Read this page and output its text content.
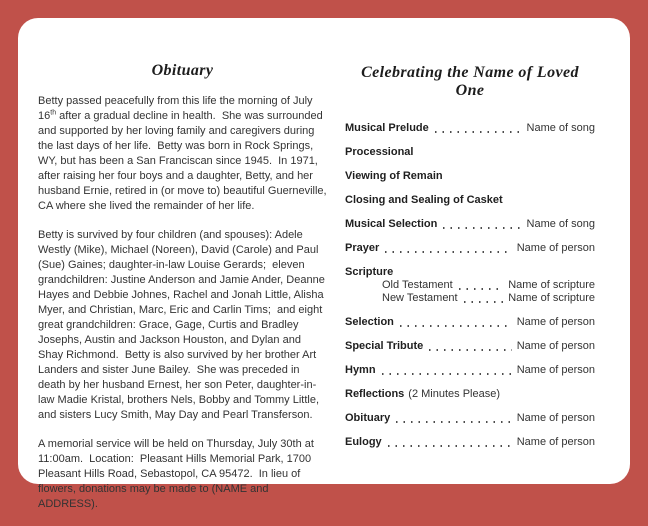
Obituary

Betty passed peacefully from this life the morning of July 16th after a gradual decline in health.  She was surrounded and supported by her loving family and caregivers during the last days of her life.  Betty was born in Rock Springs, WY, but has been a San Franciscan since 1945.  In 1971, after raising her four boys and a daughter, Betty, and her husband Ernie, retired in (or move to) beautiful Guerneville, CA where she lived the remainder of her life.

Betty is survived by four children (and spouses): Adele Westly (Mike), Michael (Noreen), David (Carole) and Paul (Sue) Gaines; daughter-in-law Louise Gerards;  eleven grandchildren: Justine Anderson and Jamie Ander, Deanne Hayes and Debbie Johnes, Rachel and Jonah Little, Alisha Myer, and Christian, Marc, Eric and Carlin Tims;  and eight great grandchildren: Grace, Gage, Curtis and Bradley Josephs, Austin and Jackson Houston, and Dylan and Shay Richmond.  Betty is also survived by her brother Art Landers and sister June Bailey.  She was preceded in death by her husband Ernest, her son Peter, daughter-in-law Madie Kristal, brothers Nels, Bobby and Tommy Little, and sisters Lucy Smith, May Day and Pearl Transferson.

A memorial service will be held on Thursday, July 30th at 11:00am.  Location:  Pleasant Hills Memorial Park, 1700 Pleasant Hills Road, Sebastopol, CA 95472.  In lieu of flowers, donations may be made to (NAME and ADDRESS).

Celebrating the Name of Loved One
Musical Prelude	Name of song
Processional
Viewing of Remain
Closing and Sealing of Casket
Musical Selection	Name of song
Prayer	Name of person
Scripture
Old Testament	Name of scripture
New Testament	Name of scripture
Selection	Name of person
Special Tribute	Name of person
Hymn	Name of person
Reflections (2 Minutes Please)
Obituary	Name of person
Eulogy	Name of person
